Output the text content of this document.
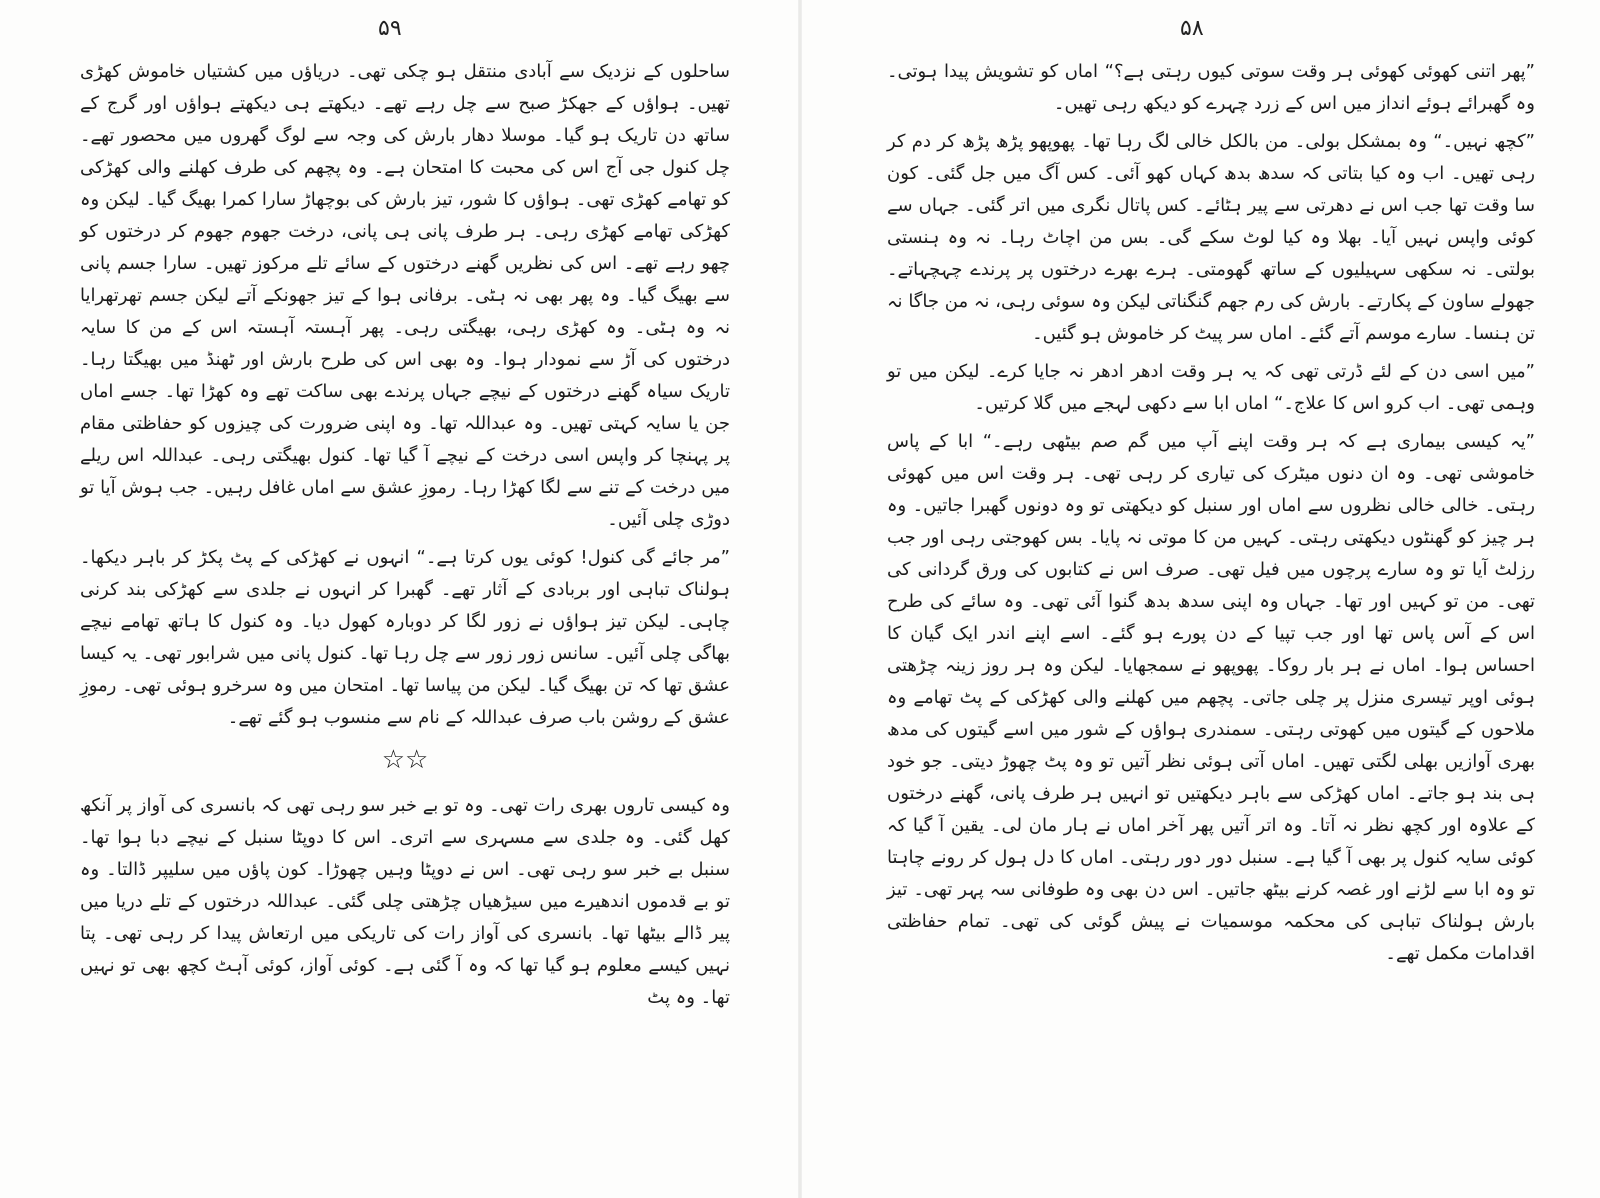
۵۹

ساحلوں کے نزدیک سے آبادی منتقل ہو چکی تھی۔ دریاؤں میں کشتیاں خاموش کھڑی تھیں۔ ہواؤں کے جھکڑ صبح سے چل رہے تھے۔ دیکھتے ہی دیکھتے ہواؤں اور گرج کے ساتھ دن تاریک ہو گیا۔ موسلا دھار بارش کی وجہ سے لوگ گھروں میں محصور تھے۔ چل کنول جی آج اس کی محبت کا امتحان ہے۔ وہ پچھم کی طرف کھلنے والی کھڑکی کو تھامے کھڑی تھی۔ ہواؤں کا شور، تیز بارش کی بوچھاڑ سارا کمرا بھیگ گیا۔ لیکن وہ کھڑکی تھامے کھڑی رہی۔ ہر طرف پانی ہی پانی، درخت جھوم جھوم کر درختوں کو چھو رہے تھے۔ اس کی نظریں گھنے درختوں کے سائے تلے مرکوز تھیں۔ سارا جسم پانی سے بھیگ گیا۔ وہ پھر بھی نہ ہٹی۔ برفانی ہوا کے تیز جھونکے آتے لیکن جسم تھرتھرایا نہ وہ ہٹی۔ وہ کھڑی رہی، بھیگتی رہی۔ پھر آہستہ آہستہ اس کے من کا سایہ درختوں کی آڑ سے نمودار ہوا۔ وہ بھی اس کی طرح بارش اور ٹھنڈ میں بھیگتا رہا۔ تاریک سیاہ گھنے درختوں کے نیچے جہاں پرندے بھی ساکت تھے وہ کھڑا تھا۔ جسے اماں جن یا سایہ کہتی تھیں۔ وہ عبداللہ تھا۔ وہ اپنی ضرورت کی چیزوں کو حفاظتی مقام پر پہنچا کر واپس اسی درخت کے نیچے آ گیا تھا۔ کنول بھیگتی رہی۔ عبداللہ اس ریلے میں درخت کے تنے سے لگا کھڑا رہا۔ رموزِ عشق سے اماں غافل رہیں۔ جب ہوش آیا تو دوڑی چلی آئیں۔

”مر جائے گی کنول! کوئی یوں کرتا ہے۔“ انہوں نے کھڑکی کے پٹ پکڑ کر باہر دیکھا۔ ہولناک تباہی اور بربادی کے آثار تھے۔ گھبرا کر انہوں نے جلدی سے کھڑکی بند کرنی چاہی۔ لیکن تیز ہواؤں نے زور لگا کر دوبارہ کھول دیا۔ وہ کنول کا ہاتھ تھامے نیچے بھاگی چلی آئیں۔ سانس زور زور سے چل رہا تھا۔ کنول پانی میں شرابور تھی۔ یہ کیسا عشق تھا کہ تن بھیگ گیا۔ لیکن من پیاسا تھا۔ امتحان میں وہ سرخرو ہوئی تھی۔ رموزِ عشق کے روشن باب صرف عبداللہ کے نام سے منسوب ہو گئے تھے۔

☆☆

وہ کیسی تاروں بھری رات تھی۔ وہ تو بے خبر سو رہی تھی کہ بانسری کی آواز پر آنکھ کھل گئی۔ وہ جلدی سے مسہری سے اتری۔ اس کا دوپٹا سنبل کے نیچے دبا ہوا تھا۔ سنبل بے خبر سو رہی تھی۔ اس نے دوپٹا وہیں چھوڑا۔ کون پاؤں میں سلیپر ڈالتا۔ وہ تو بے قدموں اندھیرے میں سیڑھیاں چڑھتی چلی گئی۔ عبداللہ درختوں کے تلے دریا میں پیر ڈالے بیٹھا تھا۔ بانسری کی آواز رات کی تاریکی میں ارتعاش پیدا کر رہی تھی۔ پتا نہیں کیسے معلوم ہو گیا تھا کہ وہ آ گئی ہے۔ کوئی آواز، کوئی آہٹ کچھ بھی تو نہیں تھا۔ وہ پٹ

۵۸

”پھر اتنی کھوئی کھوئی ہر وقت سوتی کیوں رہتی ہے؟“ اماں کو تشویش پیدا ہوتی۔ وہ گھبرائے ہوئے انداز میں اس کے زرد چہرے کو دیکھ رہی تھیں۔

”کچھ نہیں۔“ وہ بمشکل بولی۔ من بالکل خالی لگ رہا تھا۔ پھوپھو پڑھ پڑھ کر دم کر رہی تھیں۔ اب وہ کیا بتاتی کہ سدھ بدھ کہاں کھو آئی۔ کس آگ میں جل گئی۔ کون سا وقت تھا جب اس نے دھرتی سے پیر ہٹائے۔ کس پاتال نگری میں اتر گئی۔ جہاں سے کوئی واپس نہیں آیا۔ بھلا وہ کیا لوٹ سکے گی۔ بس من اچاٹ رہا۔ نہ وہ ہنستی بولتی۔ نہ سکھی سہیلیوں کے ساتھ گھومتی۔ ہرے بھرے درختوں پر پرندے چہچہاتے۔ جھولے ساون کے پکارتے۔ بارش کی رم جھم گنگناتی لیکن وہ سوئی رہی، نہ من جاگا نہ تن ہنسا۔ سارے موسم آتے گئے۔ اماں سر پیٹ کر خاموش ہو گئیں۔

”میں اسی دن کے لئے ڈرتی تھی کہ یہ ہر وقت ادھر ادھر نہ جایا کرے۔ لیکن میں تو وہمی تھی۔ اب کرو اس کا علاج۔“ اماں ابا سے دکھی لہجے میں گلا کرتیں۔

”یہ کیسی بیماری ہے کہ ہر وقت اپنے آپ میں گم صم بیٹھی رہے۔“ ابا کے پاس خاموشی تھی۔ وہ ان دنوں میٹرک کی تیاری کر رہی تھی۔ ہر وقت اس میں کھوئی رہتی۔ خالی خالی نظروں سے اماں اور سنبل کو دیکھتی تو وہ دونوں گھبرا جاتیں۔ وہ ہر چیز کو گھنٹوں دیکھتی رہتی۔ کہیں من کا موتی نہ پایا۔ بس کھوجتی رہی اور جب رزلٹ آیا تو وہ سارے پرچوں میں فیل تھی۔ صرف اس نے کتابوں کی ورق گردانی کی تھی۔ من تو کہیں اور تھا۔ جہاں وہ اپنی سدھ بدھ گنوا آئی تھی۔ وہ سائے کی طرح اس کے آس پاس تھا اور جب تپیا کے دن پورے ہو گئے۔ اسے اپنے اندر ایک گیان کا احساس ہوا۔ اماں نے ہر بار روکا۔ پھوپھو نے سمجھایا۔ لیکن وہ ہر روز زینہ چڑھتی ہوئی اوپر تیسری منزل پر چلی جاتی۔ پچھم میں کھلنے والی کھڑکی کے پٹ تھامے وہ ملاحوں کے گیتوں میں کھوتی رہتی۔ سمندری ہواؤں کے شور میں اسے گیتوں کی مدھ بھری آوازیں بھلی لگتی تھیں۔ اماں آتی ہوئی نظر آتیں تو وہ پٹ چھوڑ دیتی۔ جو خود ہی بند ہو جاتے۔ اماں کھڑکی سے باہر دیکھتیں تو انہیں ہر طرف پانی، گھنے درختوں کے علاوہ اور کچھ نظر نہ آتا۔ وہ اتر آتیں پھر آخر اماں نے ہار مان لی۔ یقین آ گیا کہ کوئی سایہ کنول پر بھی آ گیا ہے۔ سنبل دور دور رہتی۔ اماں کا دل ہول کر رونے چاہتا تو وہ ابا سے لڑنے اور غصہ کرنے بیٹھ جاتیں۔ اس دن بھی وہ طوفانی سہ پہر تھی۔ تیز بارش ہولناک تباہی کی محکمہ موسمیات نے پیش گوئی کی تھی۔ تمام حفاظتی اقدامات مکمل تھے۔
